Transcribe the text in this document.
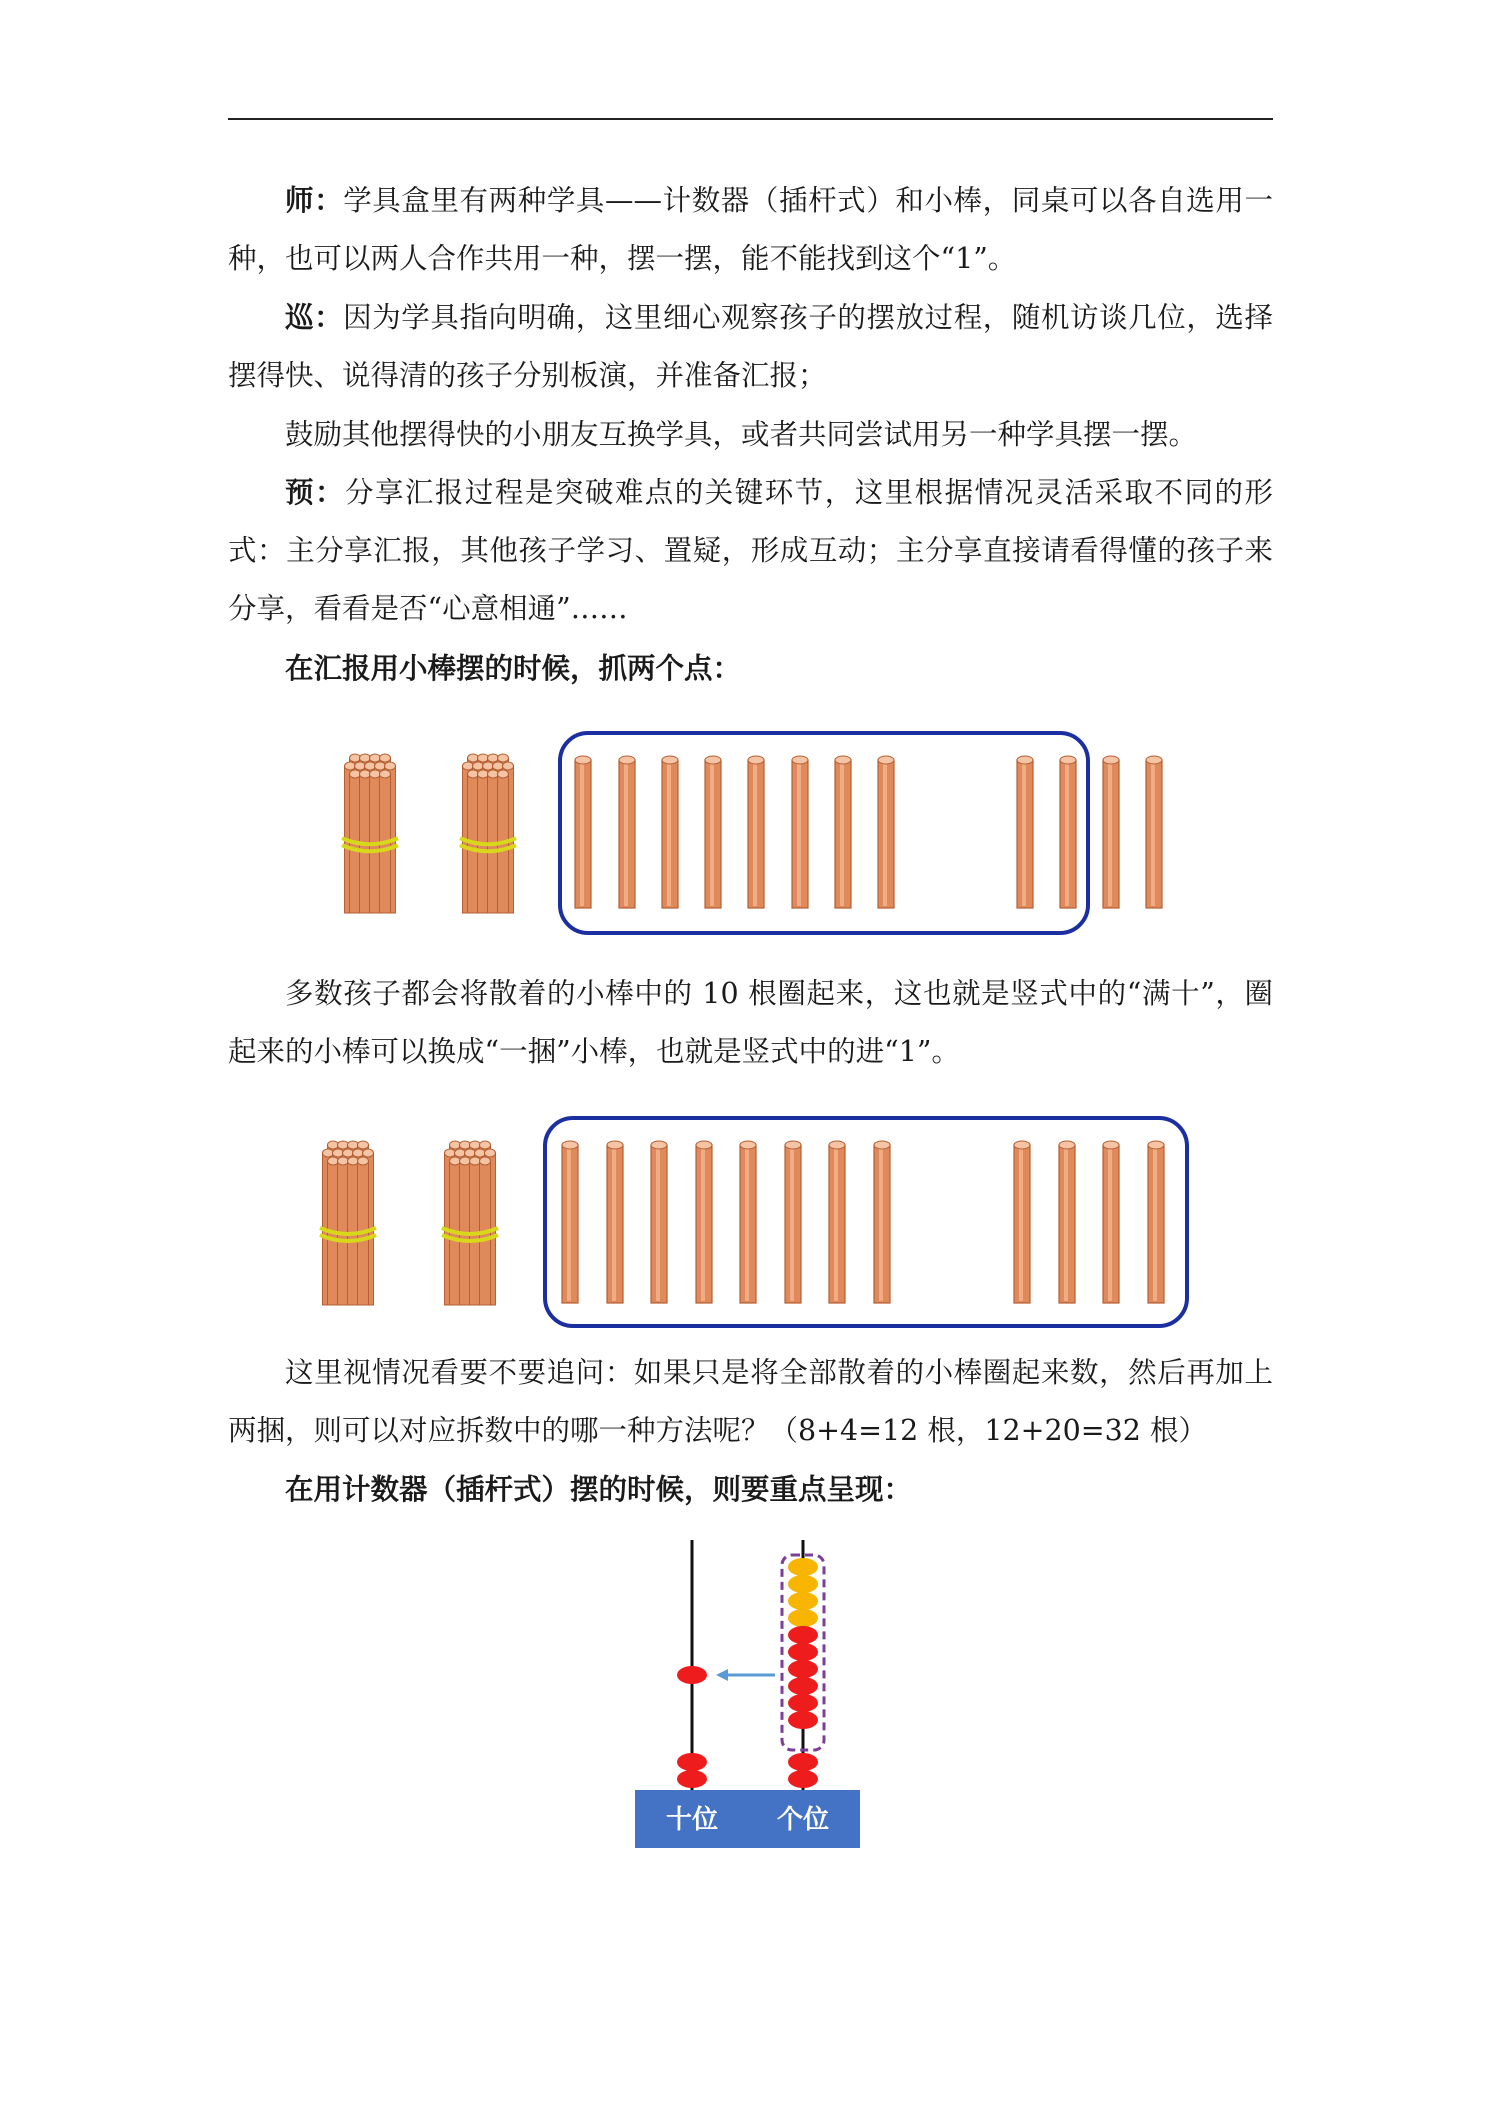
师：学具盒里有两种学具——计数器（插杆式）和小棒，同桌可以各自选用一种，也可以两人合作共用一种，摆一摆，能不能找到这个“1”。

巡：因为学具指向明确，这里细心观察孩子的摆放过程，随机访谈几位，选择摆得快、说得清的孩子分别板演，并准备汇报；

鼓励其他摆得快的小朋友互换学具，或者共同尝试用另一种学具摆一摆。

预：分享汇报过程是突破难点的关键环节，这里根据情况灵活采取不同的形式：主分享汇报，其他孩子学习、置疑，形成互动；主分享直接请看得懂的孩子来分享，看看是否“心意相通”……

在汇报用小棒摆的时候，抓两个点：

多数孩子都会将散着的小棒中的 10 根圈起来，这也就是竖式中的“满十”，圈起来的小棒可以换成“一捆”小棒，也就是竖式中的进“1”。

这里视情况看要不要追问：如果只是将全部散着的小棒圈起来数，然后再加上两捆，则可以对应拆数中的哪一种方法呢？（8+4=12 根，12+20=32 根）

在用计数器（插杆式）摆的时候，则要重点呈现：

十位 个位
